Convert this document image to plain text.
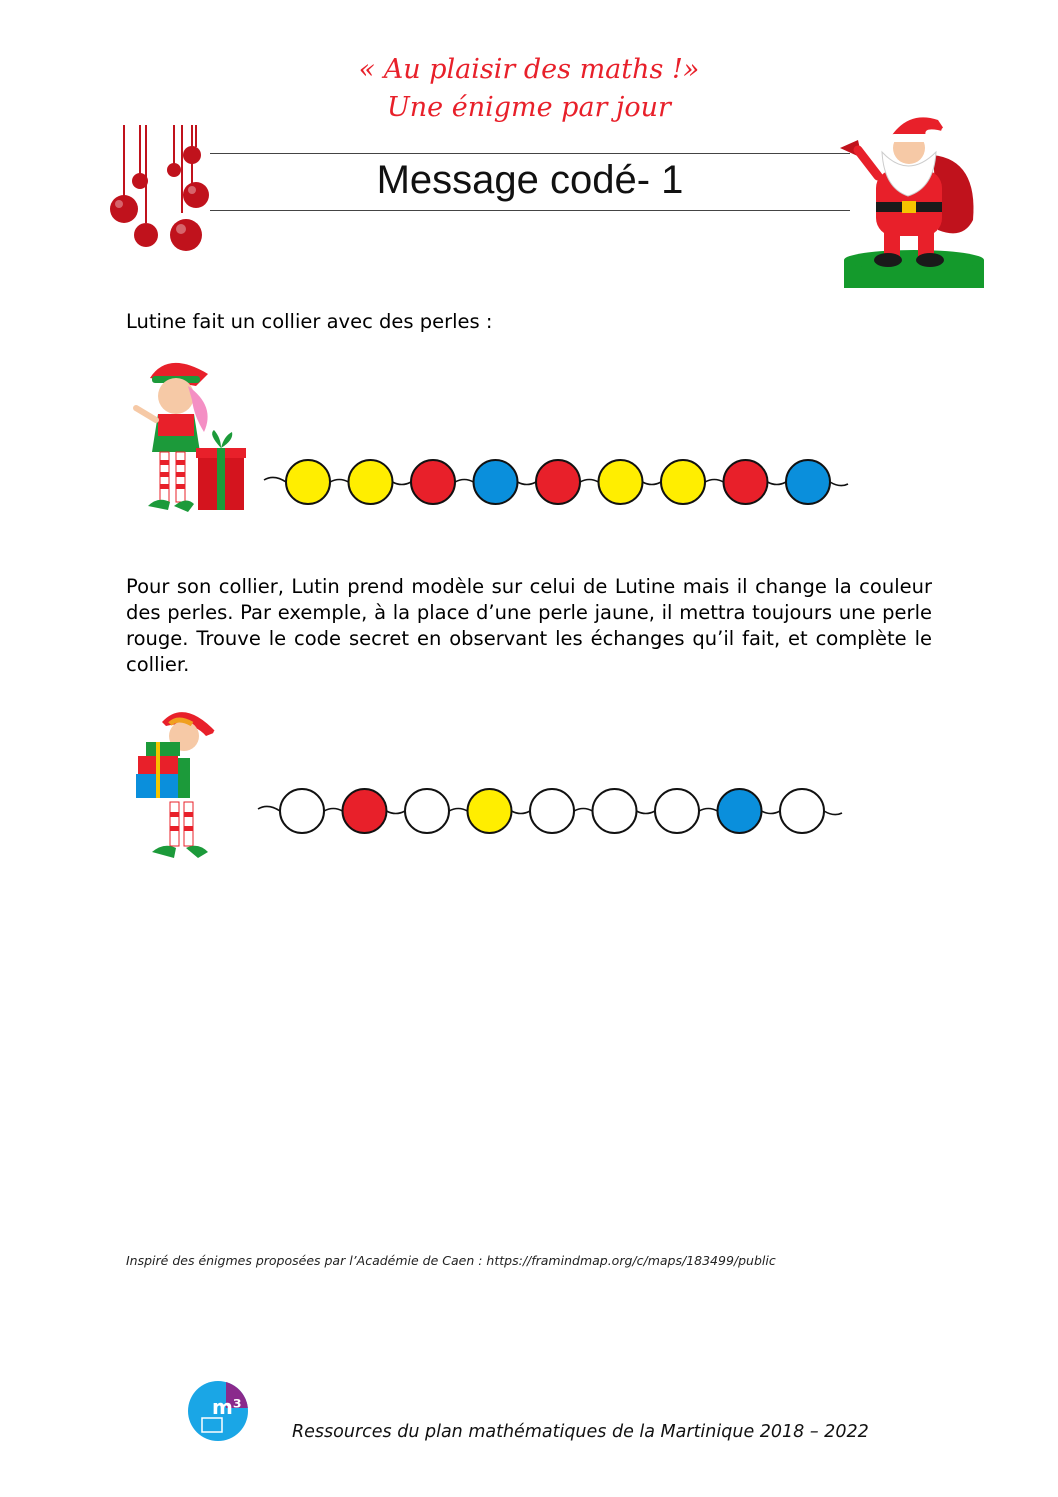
« Au plaisir des maths !»
Une énigme par jour
Message codé- 1
Lutine fait un collier avec des perles :
Pour son collier, Lutin prend modèle sur celui de Lutine mais il change la couleur des perles. Par exemple, à la place d’une perle jaune, il mettra toujours une perle rouge. Trouve le code secret en observant les échanges qu’il fait, et complète le collier.
Inspiré des énigmes proposées par l’Académie de Caen : https://framindmap.org/c/maps/183499/public
m³
Ressources du plan mathématiques de la Martinique 2018 – 2022
